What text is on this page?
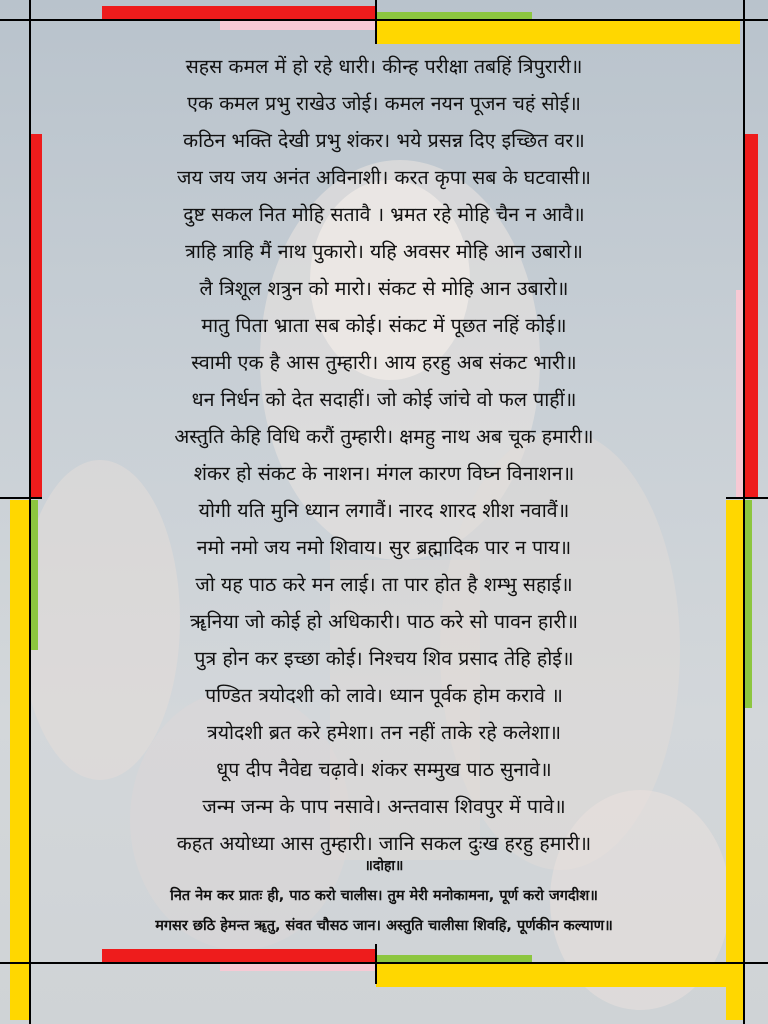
सहस कमल में हो रहे धारी। कीन्ह परीक्षा तबहिं त्रिपुरारी॥
एक कमल प्रभु राखेउ जोई। कमल नयन पूजन चहं सोई॥
कठिन भक्ति देखी प्रभु शंकर। भये प्रसन्न दिए इच्छित वर॥
जय जय जय अनंत अविनाशी। करत कृपा सब के घटवासी॥
दुष्ट सकल नित मोहि सतावै । भ्रमत रहे मोहि चैन न आवै॥
त्राहि त्राहि मैं नाथ पुकारो। यहि अवसर मोहि आन उबारो॥
लै त्रिशूल शत्रुन को मारो। संकट से मोहि आन उबारो॥
मातु पिता भ्राता सब कोई। संकट में पूछत नहिं कोई॥
स्वामी एक है आस तुम्हारी। आय हरहु अब संकट भारी॥
धन निर्धन को देत सदाहीं। जो कोई जांचे वो फल पाहीं॥
अस्तुति केहि विधि करौं तुम्हारी। क्षमहु नाथ अब चूक हमारी॥
शंकर हो संकट के नाशन। मंगल कारण विघ्न विनाशन॥
योगी यति मुनि ध्यान लगावैं। नारद शारद शीश नवावैं॥
नमो नमो जय नमो शिवाय। सुर ब्रह्मादिक पार न पाय॥
जो यह पाठ करे मन लाई। ता पार होत है शम्भु सहाई॥
ॠनिया जो कोई हो अधिकारी। पाठ करे सो पावन हारी॥
पुत्र होन कर इच्छा कोई। निश्चय शिव प्रसाद तेहि होई॥
पण्डित त्रयोदशी को लावे। ध्यान पूर्वक होम करावे ॥
त्रयोदशी ब्रत करे हमेशा। तन नहीं ताके रहे कलेशा॥
धूप दीप नैवेद्य चढ़ावे। शंकर सम्मुख पाठ सुनावे॥
जन्म जन्म के पाप नसावे। अन्तवास शिवपुर में पावे॥
कहत अयोध्या आस तुम्हारी। जानि सकल दुःख हरहु हमारी॥
॥दोहा॥
नित नेम कर प्रातः ही, पाठ करो चालीस। तुम मेरी मनोकामना, पूर्ण करो जगदीश॥
मगसर छठि हेमन्त ॠतु, संवत चौसठ जान। अस्तुति चालीसा शिवहि, पूर्णकीन कल्याण॥
